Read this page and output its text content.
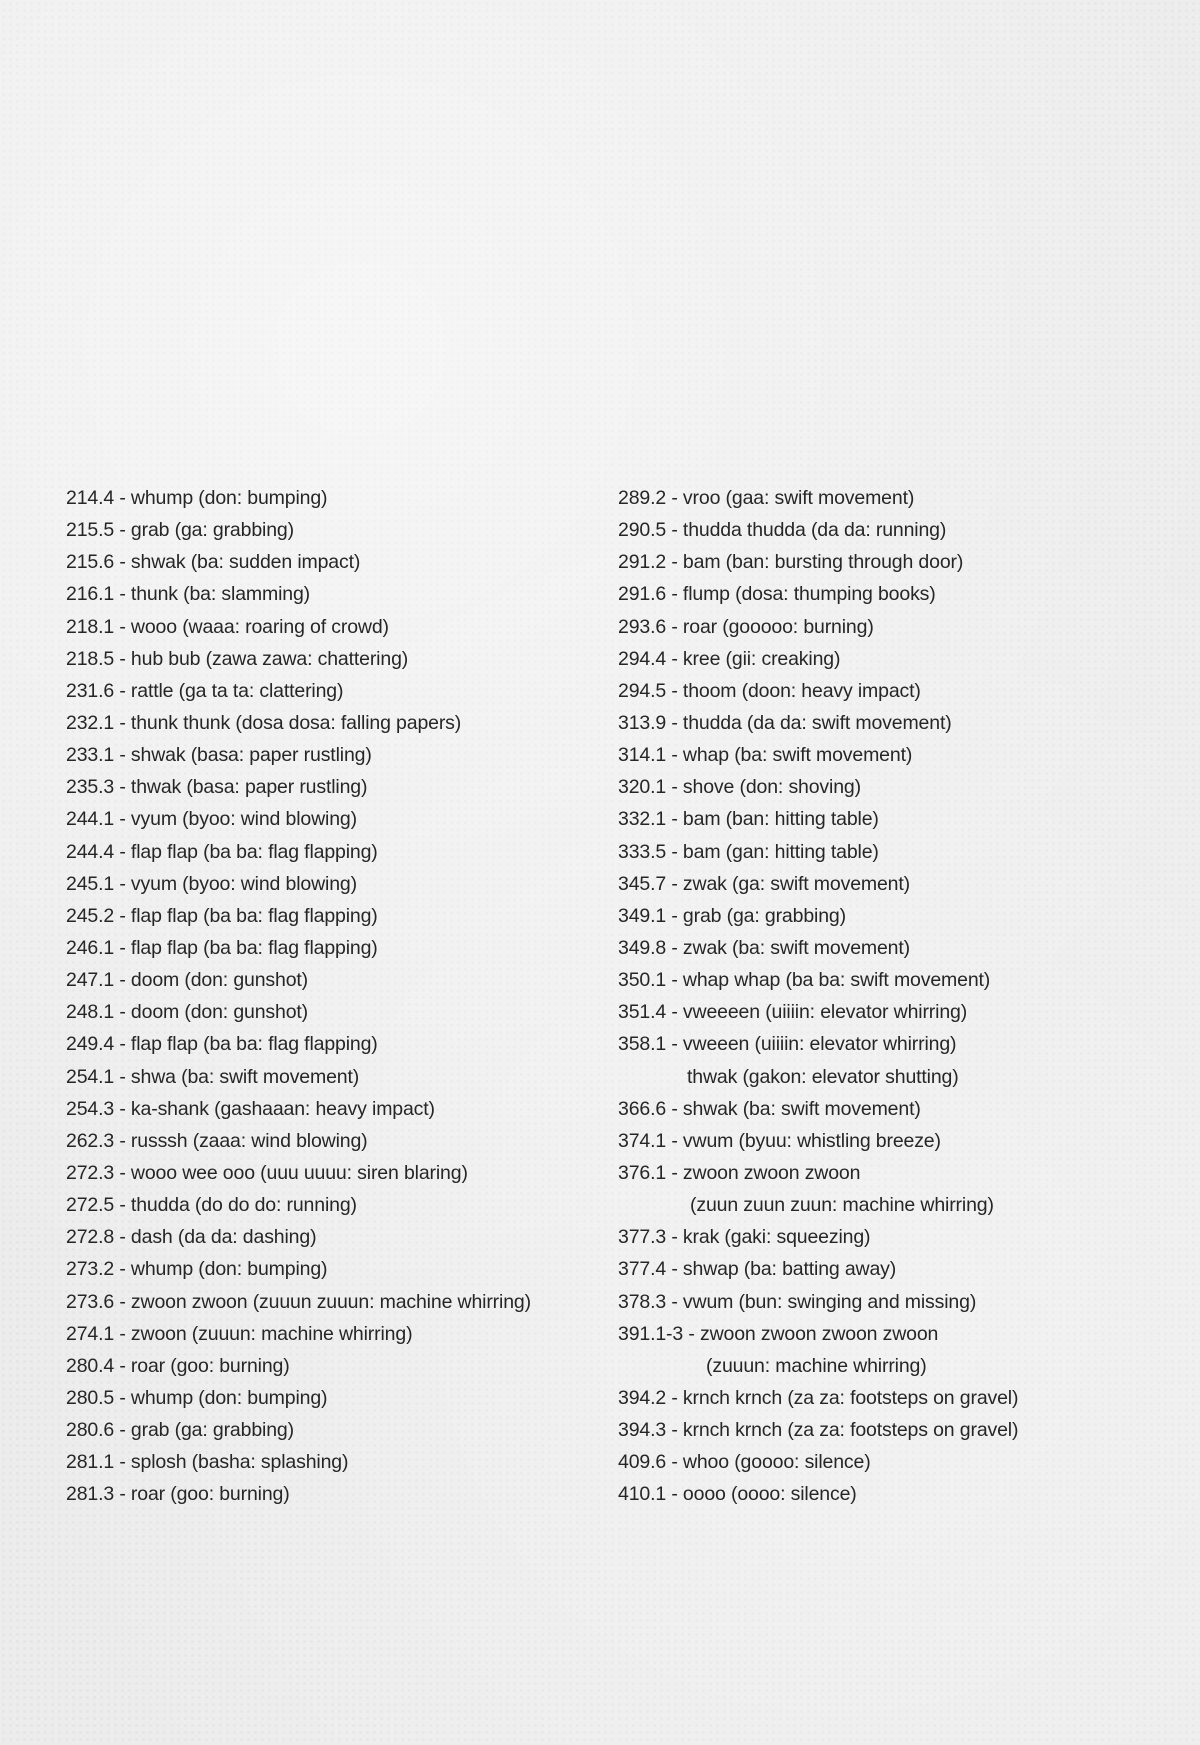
214.4 - whump (don: bumping)
215.5 - grab (ga: grabbing)
215.6 - shwak (ba: sudden impact)
216.1 - thunk (ba: slamming)
218.1 - wooo (waaa: roaring of crowd)
218.5 - hub bub (zawa zawa: chattering)
231.6 - rattle (ga ta ta: clattering)
232.1 - thunk thunk (dosa dosa: falling papers)
233.1 - shwak (basa: paper rustling)
235.3 - thwak (basa: paper rustling)
244.1 - vyum (byoo: wind blowing)
244.4 - flap flap (ba ba: flag flapping)
245.1 - vyum (byoo: wind blowing)
245.2 - flap flap (ba ba: flag flapping)
246.1 - flap flap (ba ba: flag flapping)
247.1 - doom (don: gunshot)
248.1 - doom (don: gunshot)
249.4 - flap flap (ba ba: flag flapping)
254.1 - shwa (ba: swift movement)
254.3 - ka-shank (gashaaan: heavy impact)
262.3 - russsh (zaaa: wind blowing)
272.3 - wooo wee ooo (uuu uuuu: siren blaring)
272.5 - thudda (do do do: running)
272.8 - dash (da da: dashing)
273.2 - whump (don: bumping)
273.6 - zwoon zwoon (zuuun zuuun: machine whirring)
274.1 - zwoon (zuuun: machine whirring)
280.4 - roar (goo: burning)
280.5 - whump (don: bumping)
280.6 - grab (ga: grabbing)
281.1 - splosh (basha: splashing)
281.3 - roar (goo: burning)
289.2 - vroo (gaa: swift movement)
290.5 - thudda thudda (da da: running)
291.2 - bam (ban: bursting through door)
291.6 - flump (dosa: thumping books)
293.6 - roar (gooooo: burning)
294.4 - kree (gii: creaking)
294.5 - thoom (doon: heavy impact)
313.9 - thudda (da da: swift movement)
314.1 - whap (ba: swift movement)
320.1 - shove (don: shoving)
332.1 - bam (ban: hitting table)
333.5 - bam (gan: hitting table)
345.7 - zwak (ga: swift movement)
349.1 - grab (ga: grabbing)
349.8 - zwak (ba: swift movement)
350.1 - whap whap (ba ba: swift movement)
351.4 - vweeeen (uiiiin: elevator whirring)
358.1 - vweeen (uiiiin: elevator whirring)
thwak (gakon: elevator shutting)
366.6 - shwak (ba: swift movement)
374.1 - vwum (byuu: whistling breeze)
376.1 - zwoon zwoon zwoon
(zuun zuun zuun: machine whirring)
377.3 - krak (gaki: squeezing)
377.4 - shwap (ba: batting away)
378.3 - vwum (bun: swinging and missing)
391.1-3 - zwoon zwoon zwoon zwoon
(zuuun: machine whirring)
394.2 - krnch krnch (za za: footsteps on gravel)
394.3 - krnch krnch (za za: footsteps on gravel)
409.6 - whoo (goooo: silence)
410.1 - oooo (oooo: silence)
